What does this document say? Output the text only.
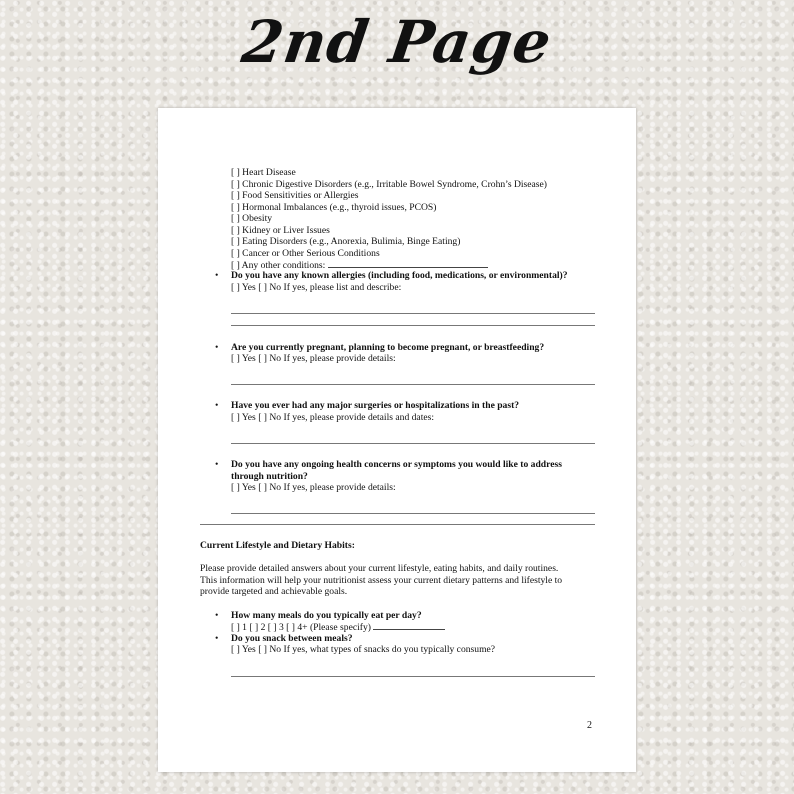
2nd Page
[ ] Heart Disease
[ ] Chronic Digestive Disorders (e.g., Irritable Bowel Syndrome, Crohn’s Disease)
[ ] Food Sensitivities or Allergies
[ ] Hormonal Imbalances (e.g., thyroid issues, PCOS)
[ ] Obesity
[ ] Kidney or Liver Issues
[ ] Eating Disorders (e.g., Anorexia, Bulimia, Binge Eating)
[ ] Cancer or Other Serious Conditions
[ ] Any other conditions:
• Do you have any known allergies (including food, medications, or environmental)?
[ ] Yes [ ] No If yes, please list and describe:
• Are you currently pregnant, planning to become pregnant, or breastfeeding?
[ ] Yes [ ] No If yes, please provide details:
• Have you ever had any major surgeries or hospitalizations in the past?
[ ] Yes [ ] No If yes, please provide details and dates:
• Do you have any ongoing health concerns or symptoms you would like to address
through nutrition?
[ ] Yes [ ] No If yes, please provide details:
Current Lifestyle and Dietary Habits:
Please provide detailed answers about your current lifestyle, eating habits, and daily routines.
This information will help your nutritionist assess your current dietary patterns and lifestyle to
provide targeted and achievable goals.
• How many meals do you typically eat per day?
[ ] 1 [ ] 2 [ ] 3 [ ] 4+ (Please specify)
• Do you snack between meals?
[ ] Yes [ ] No If yes, what types of snacks do you typically consume?
2
